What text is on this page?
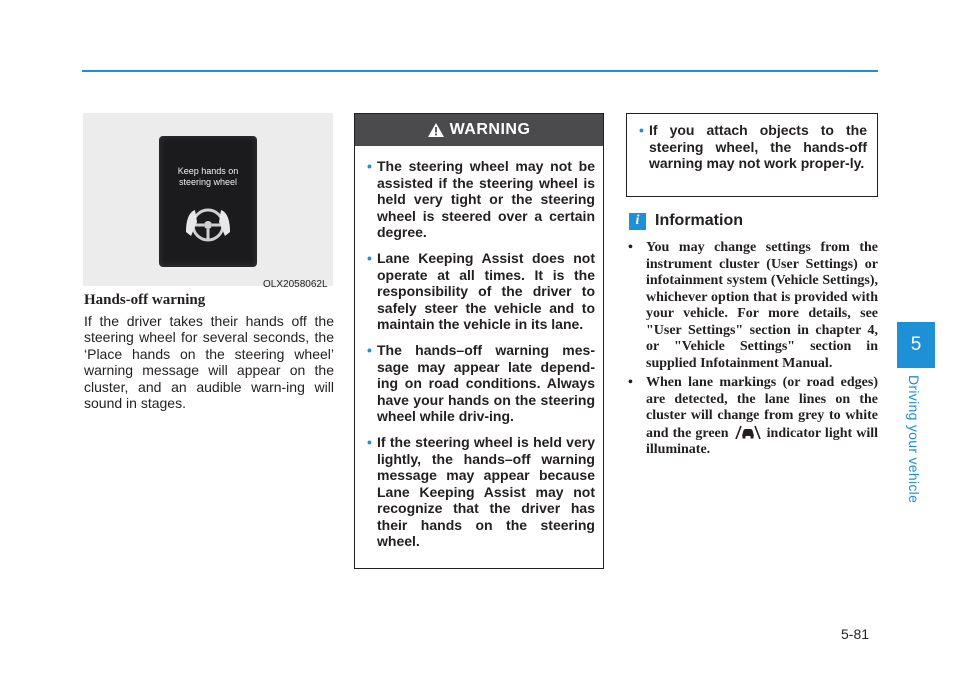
Keep hands on
steering wheel
OLX2058062L
Hands-off warning
If the driver takes their hands off the steering wheel for several seconds, the ‘Place hands on the steering wheel’ warning message will appear on the cluster, and an audible warn-ing will sound in stages.
WARNING
• The steering wheel may not be assisted if the steering wheel is held very tight or the steering wheel is steered over a certain degree.
• Lane Keeping Assist does not operate at all times. It is the responsibility of the driver to safely steer the vehicle and to maintain the vehicle in its lane.
• The hands–off warning mes-sage may appear late depend-ing on road conditions. Always have your hands on the steering wheel while driv-ing.
• If the steering wheel is held very lightly, the hands–off warning message may appear because Lane Keeping Assist may not recognize that the driver has their hands on the steering wheel.
• If you attach objects to the steering wheel, the hands-off warning may not work proper-ly.
i Information
• You may change settings from the instrument cluster (User Settings) or infotainment system (Vehicle Settings), whichever option that is provided with your vehicle. For more details, see "User Settings" section in chapter 4, or "Vehicle Settings" section in supplied Infotainment Manual.
• When lane markings (or road edges) are detected, the lane lines on the cluster will change from grey to white and the green	indicator light will illuminate.
5
Driving your vehicle
5-81
